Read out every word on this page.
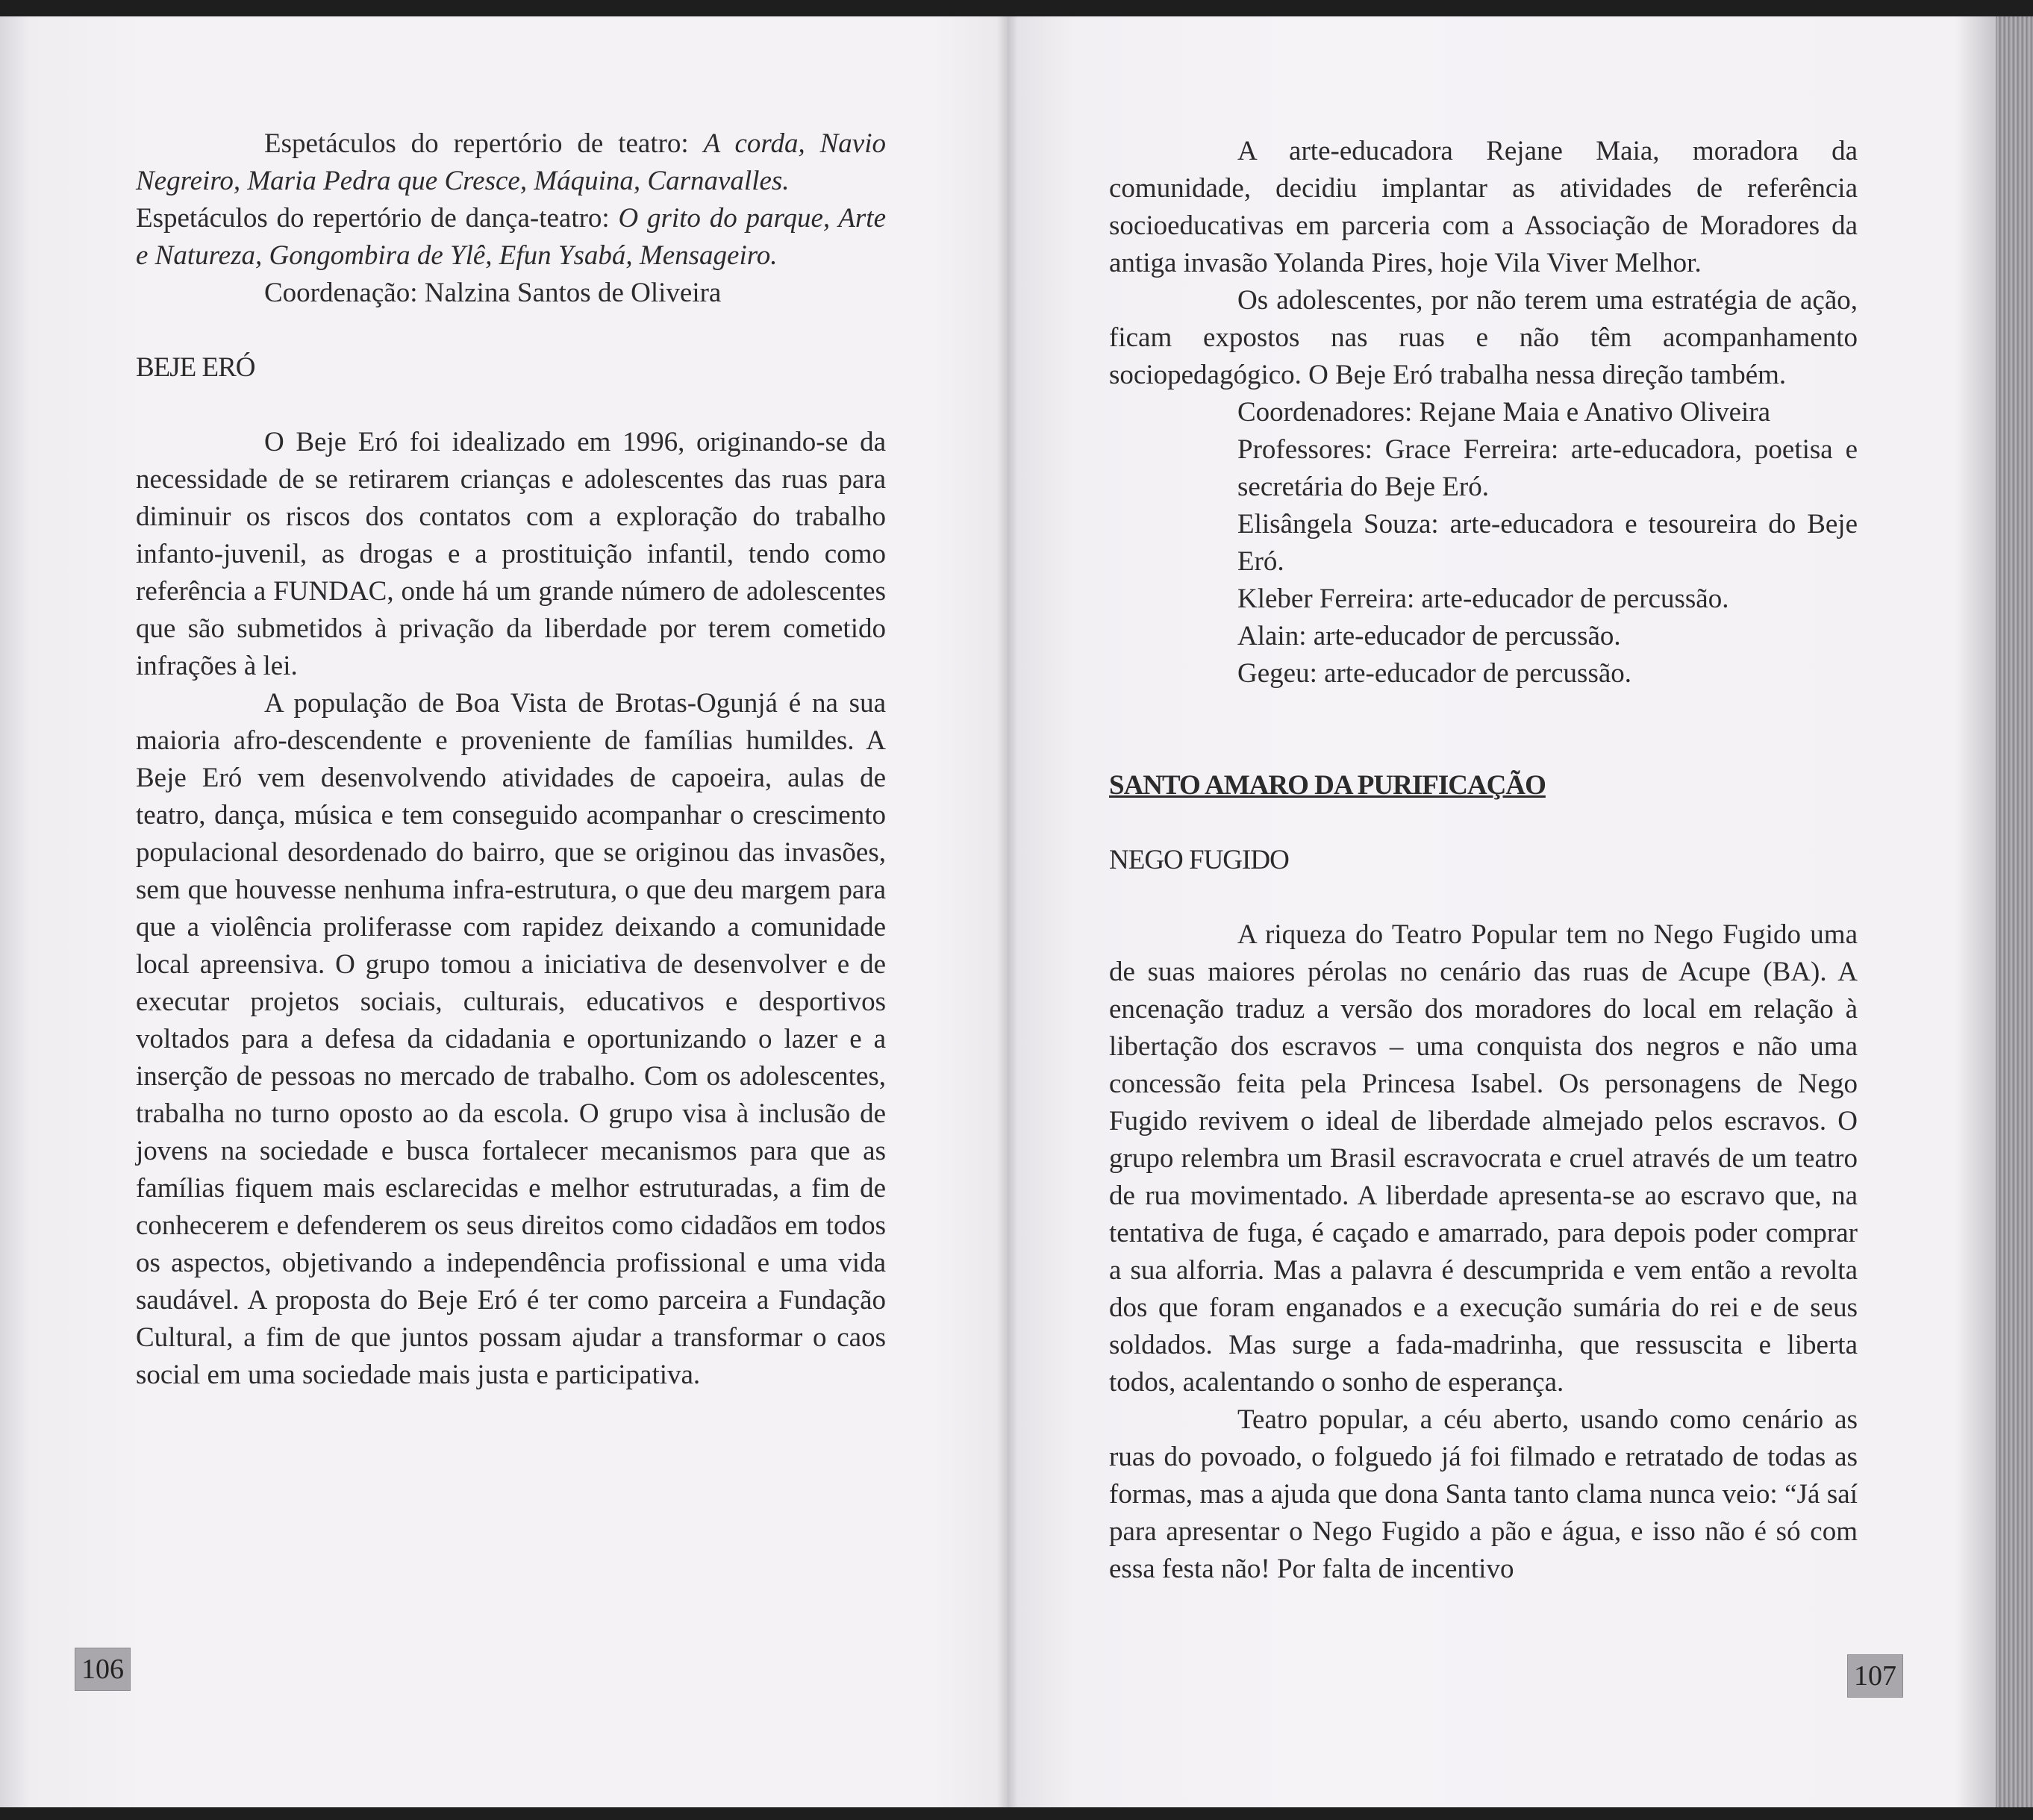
Espetáculos do repertório de teatro: A corda, Navio Negreiro, Maria Pedra que Cresce, Máquina, Carnavalles.

Espetáculos do repertório de dança-teatro: O grito do parque, Arte e Natureza, Gongombira de Ylê, Efun Ysabá, Mensageiro.

Coordenação: Nalzina Santos de Oliveira

BEJE ERÓ

O Beje Eró foi idealizado em 1996, originando-se da necessidade de se retirarem crianças e adolescentes das ruas para diminuir os riscos dos contatos com a exploração do trabalho infanto-juvenil, as drogas e a prostituição infantil, tendo como referência a FUNDAC, onde há um grande número de adolescentes que são submetidos à privação da liberdade por terem cometido infrações à lei.

A população de Boa Vista de Brotas-Ogunjá é na sua maioria afro-descendente e proveniente de famílias humildes. A Beje Eró vem desenvolvendo atividades de capoeira, aulas de teatro, dança, música e tem conseguido acompanhar o crescimento populacional desordenado do bairro, que se originou das invasões, sem que houvesse nenhuma infra-estrutura, o que deu margem para que a violência proliferasse com rapidez deixando a comunidade local apreensiva. O grupo tomou a iniciativa de desenvolver e de executar projetos sociais, culturais, educativos e desportivos voltados para a defesa da cidadania e oportunizando o lazer e a inserção de pessoas no mercado de trabalho. Com os adolescentes, trabalha no turno oposto ao da escola. O grupo visa à inclusão de jovens na sociedade e busca fortalecer mecanismos para que as famílias fiquem mais esclarecidas e melhor estruturadas, a fim de conhecerem e defenderem os seus direitos como cidadãos em todos os aspectos, objetivando a independência profissional e uma vida saudável. A proposta do Beje Eró é ter como parceira a Fundação Cultural, a fim de que juntos possam ajudar a transformar o caos social em uma sociedade mais justa e participativa.

106

A arte-educadora Rejane Maia, moradora da comunidade, decidiu implantar as atividades de referência socioeducativas em parceria com a Associação de Moradores da antiga invasão Yolanda Pires, hoje Vila Viver Melhor.

Os adolescentes, por não terem uma estratégia de ação, ficam expostos nas ruas e não têm acompanhamento sociopedagógico. O Beje Eró trabalha nessa direção também.

Coordenadores: Rejane Maia e Anativo Oliveira

Professores: Grace Ferreira: arte-educadora, poetisa e secretária do Beje Eró.

Elisângela Souza: arte-educadora e tesoureira do Beje Eró.

Kleber Ferreira: arte-educador de percussão.

Alain: arte-educador de percussão.

Gegeu: arte-educador de percussão.

SANTO AMARO DA PURIFICAÇÃO

NEGO FUGIDO

A riqueza do Teatro Popular tem no Nego Fugido uma de suas maiores pérolas no cenário das ruas de Acupe (BA). A encenação traduz a versão dos moradores do local em relação à libertação dos escravos – uma conquista dos negros e não uma concessão feita pela Princesa Isabel. Os personagens de Nego Fugido revivem o ideal de liberdade almejado pelos escravos. O grupo relembra um Brasil escravocrata e cruel através de um teatro de rua movimentado. A liberdade apresenta-se ao escravo que, na tentativa de fuga, é caçado e amarrado, para depois poder comprar a sua alforria. Mas a palavra é descumprida e vem então a revolta dos que foram enganados e a execução sumária do rei e de seus soldados. Mas surge a fada-madrinha, que ressuscita e liberta todos, acalentando o sonho de esperança.

Teatro popular, a céu aberto, usando como cenário as ruas do povoado, o folguedo já foi filmado e retratado de todas as formas, mas a ajuda que dona Santa tanto clama nunca veio: “Já saí para apresentar o Nego Fugido a pão e água, e isso não é só com essa festa não! Por falta de incentivo

107
